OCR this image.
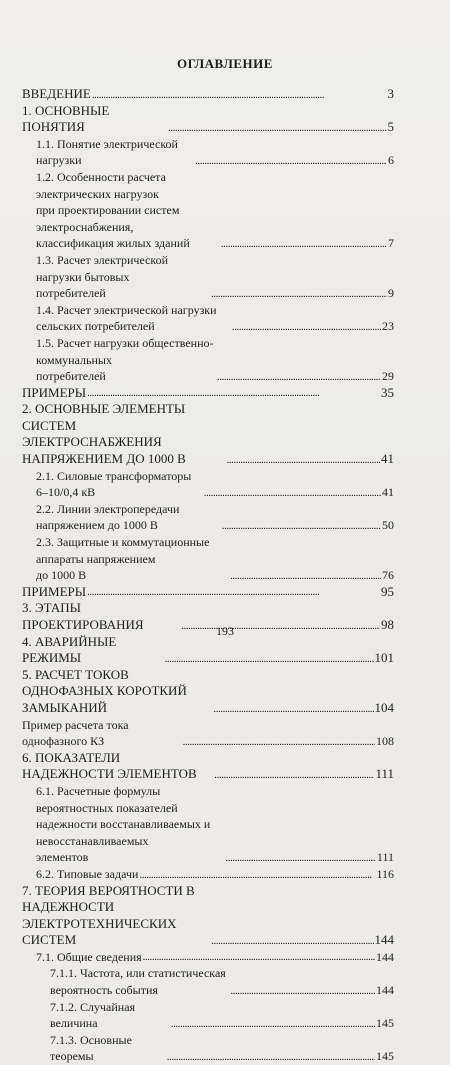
ОГЛАВЛЕНИЕ
ВВЕДЕНИЕ . . .	3
1. ОСНОВНЫЕ ПОНЯТИЯ . . .	5
1.1. Понятие электрической нагрузки . . .	6
1.2. Особенности расчета электрических нагрузок
при проектировании систем электроснабжения,
классификация жилых зданий . . .	7
1.3. Расчет электрической нагрузки бытовых
потребителей . . .	9
1.4. Расчет электрической нагрузки сельских потребителей . . .	23
1.5. Расчет нагрузки общественно-коммунальных
потребителей . . .	29
ПРИМЕРЫ . . .	35
2. ОСНОВНЫЕ ЭЛЕМЕНТЫ СИСТЕМ
ЭЛЕКТРОСНАБЖЕНИЯ НАПРЯЖЕНИЕМ ДО 1000 В . . .	41
2.1. Силовые трансформаторы 6–10/0,4 кВ . . .	41
2.2. Линии электропередачи напряжением до 1000 В . . .	50
2.3. Защитные и коммутационные аппараты напряжением
до 1000 В . . .	76
ПРИМЕРЫ . . .	95
3. ЭТАПЫ ПРОЕКТИРОВАНИЯ . . .	98
4. АВАРИЙНЫЕ РЕЖИМЫ . . .	101
5. РАСЧЕТ ТОКОВ ОДНОФАЗНЫХ КОРОТКИЙ
ЗАМЫКАНИЙ . . .	104
Пример расчета тока однофазного КЗ . . .	108
6. ПОКАЗАТЕЛИ НАДЕЖНОСТИ ЭЛЕМЕНТОВ . . .	111
6.1. Расчетные формулы вероятностных показателей
надежности восстанавливаемых и невосстанавливаемых
элементов . . .	111
6.2. Типовые задачи . . .	116
7. ТЕОРИЯ ВЕРОЯТНОСТИ В НАДЕЖНОСТИ
ЭЛЕКТРОТЕХНИЧЕСКИХ СИСТЕМ . . .	144
7.1. Общие сведения . . .	144
7.1.1. Частота, или статистическая вероятность события . . .	144
7.1.2. Случайная величина . . .	145
7.1.3. Основные теоремы . . .	145
193
